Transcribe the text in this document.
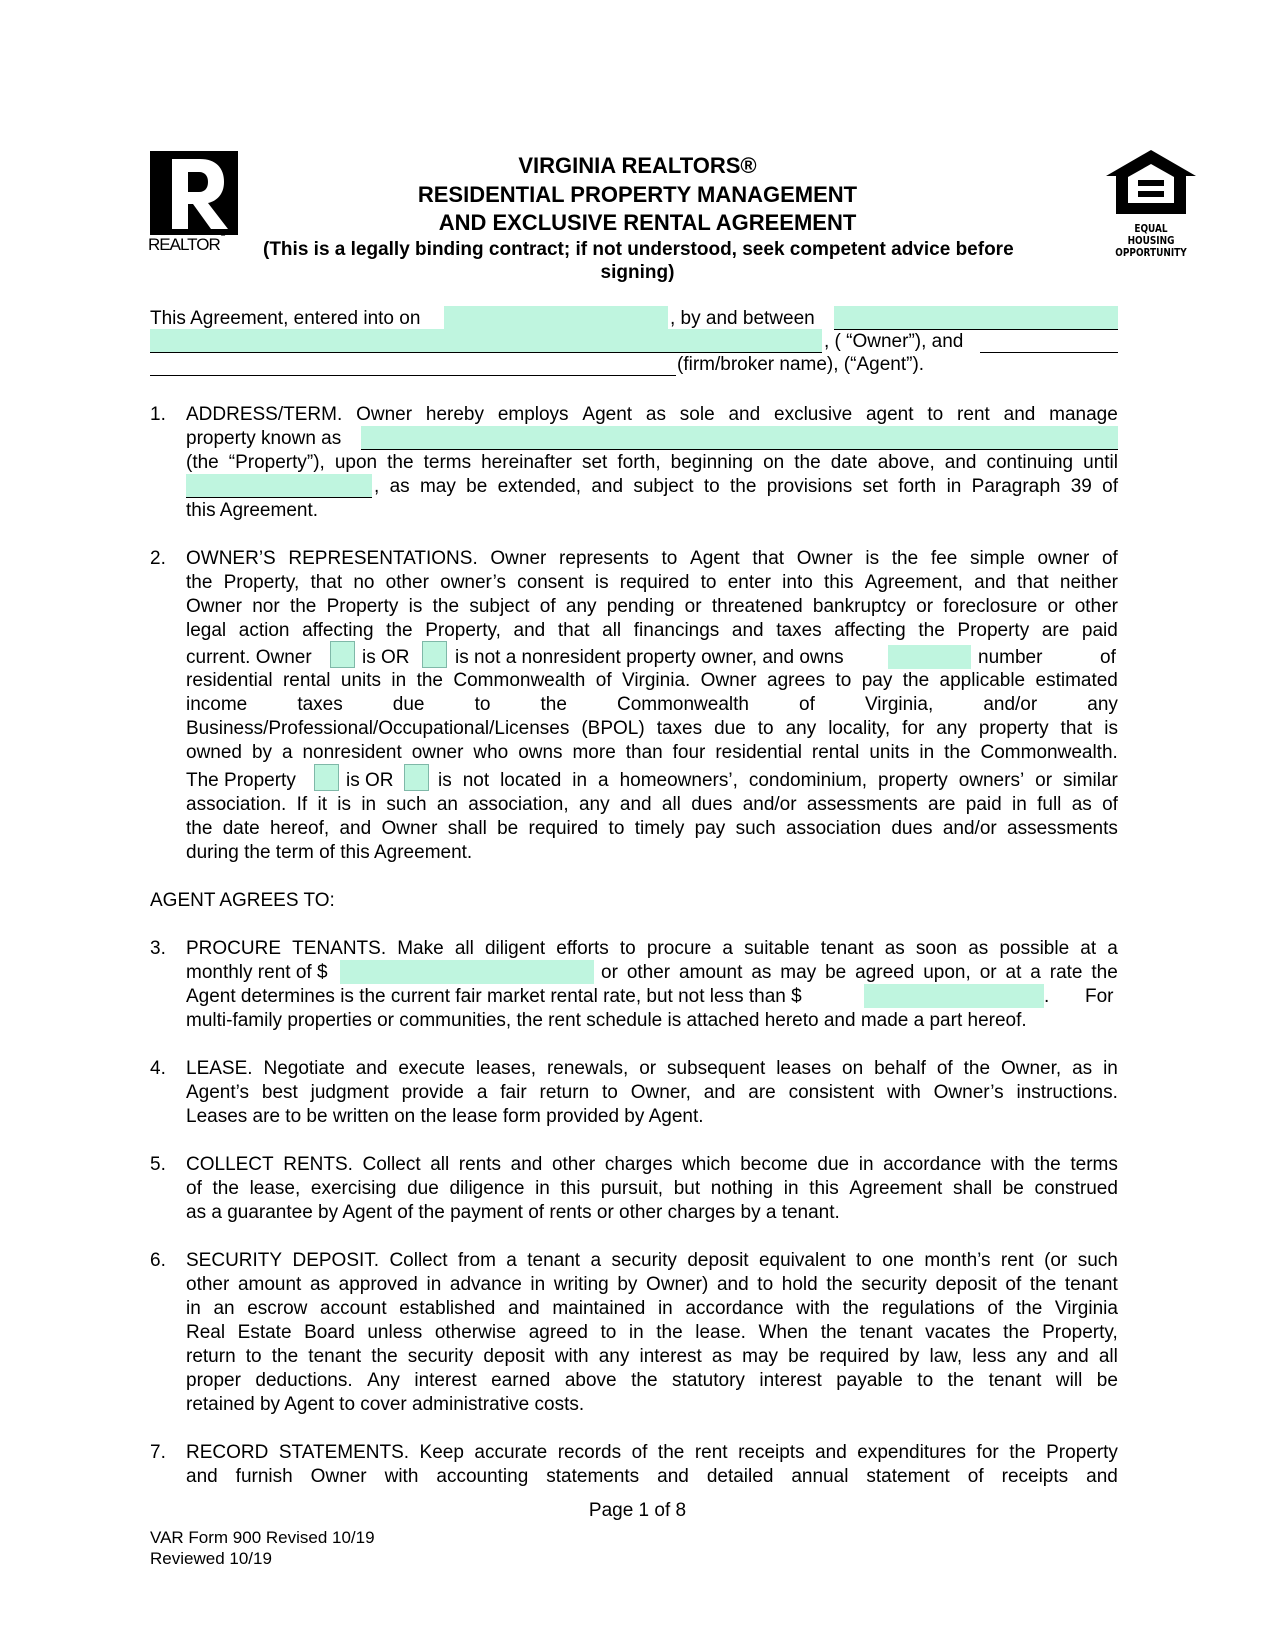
REALTOR®	EQUAL HOUSING
OPPORTUNITY
VIRGINIA REALTORS®
RESIDENTIAL PROPERTY MANAGEMENT
AND EXCLUSIVE RENTAL AGREEMENT
(This is a legally binding contract; if not understood, seek competent advice before
signing)
This Agreement, entered into on	, by and between
, ( “Owner”), and
(firm/broker name), (“Agent”).
1. ADDRESS/TERM. Owner hereby employs Agent as sole and exclusive agent to rent and manage
property known as
(the “Property”), upon the terms hereinafter set forth, beginning on the date above, and continuing until
, as may be extended, and subject to the provisions set forth in Paragraph 39 of
this Agreement.
2. OWNER’S REPRESENTATIONS. Owner represents to Agent that Owner is the fee simple owner of
the Property, that no other owner’s consent is required to enter into this Agreement, and that neither
Owner nor the Property is the subject of any pending or threatened bankruptcy or foreclosure or other
legal action affecting the Property, and that all financings and taxes affecting the Property are paid
current. Owner	is OR is not a nonresident property owner, and owns	number	of
residential rental units in the Commonwealth of Virginia. Owner agrees to pay the applicable estimated
income	taxes	due	to	the	Commonwealth	of	Virginia,	and/or	any
Business/Professional/Occupational/Licenses (BPOL) taxes due to any locality, for any property that is
owned by a nonresident owner who owns more than four residential rental units in the Commonwealth.
The Property	is OR is not located in a homeowners’, condominium, property owners’ or similar
association. If it is in such an association, any and all dues and/or assessments are paid in full as of
the date hereof, and Owner shall be required to timely pay such association dues and/or assessments
during the term of this Agreement.
AGENT AGREES TO:
3. PROCURE TENANTS. Make all diligent efforts to procure a suitable tenant as soon as possible at a
monthly rent of $	or other amount as may be agreed upon, or at a rate the
Agent determines is the current fair market rental rate, but not less than $	. For
multi-family properties or communities, the rent schedule is attached hereto and made a part hereof.
4. LEASE. Negotiate and execute leases, renewals, or subsequent leases on behalf of the Owner, as in
Agent’s best judgment provide a fair return to Owner, and are consistent with Owner’s instructions.
Leases are to be written on the lease form provided by Agent.
5. COLLECT RENTS. Collect all rents and other charges which become due in accordance with the terms
of the lease, exercising due diligence in this pursuit, but nothing in this Agreement shall be construed
as a guarantee by Agent of the payment of rents or other charges by a tenant.
6. SECURITY DEPOSIT. Collect from a tenant a security deposit equivalent to one month’s rent (or such
other amount as approved in advance in writing by Owner) and to hold the security deposit of the tenant
in an escrow account established and maintained in accordance with the regulations of the Virginia
Real Estate Board unless otherwise agreed to in the lease. When the tenant vacates the Property,
return to the tenant the security deposit with any interest as may be required by law, less any and all
proper deductions. Any interest earned above the statutory interest payable to the tenant will be
retained by Agent to cover administrative costs.
7. RECORD STATEMENTS. Keep accurate records of the rent receipts and expenditures for the Property
and furnish Owner with accounting statements and detailed annual statement of receipts and
Page 1 of 8
VAR Form 900 Revised 10/19
Reviewed 10/19
